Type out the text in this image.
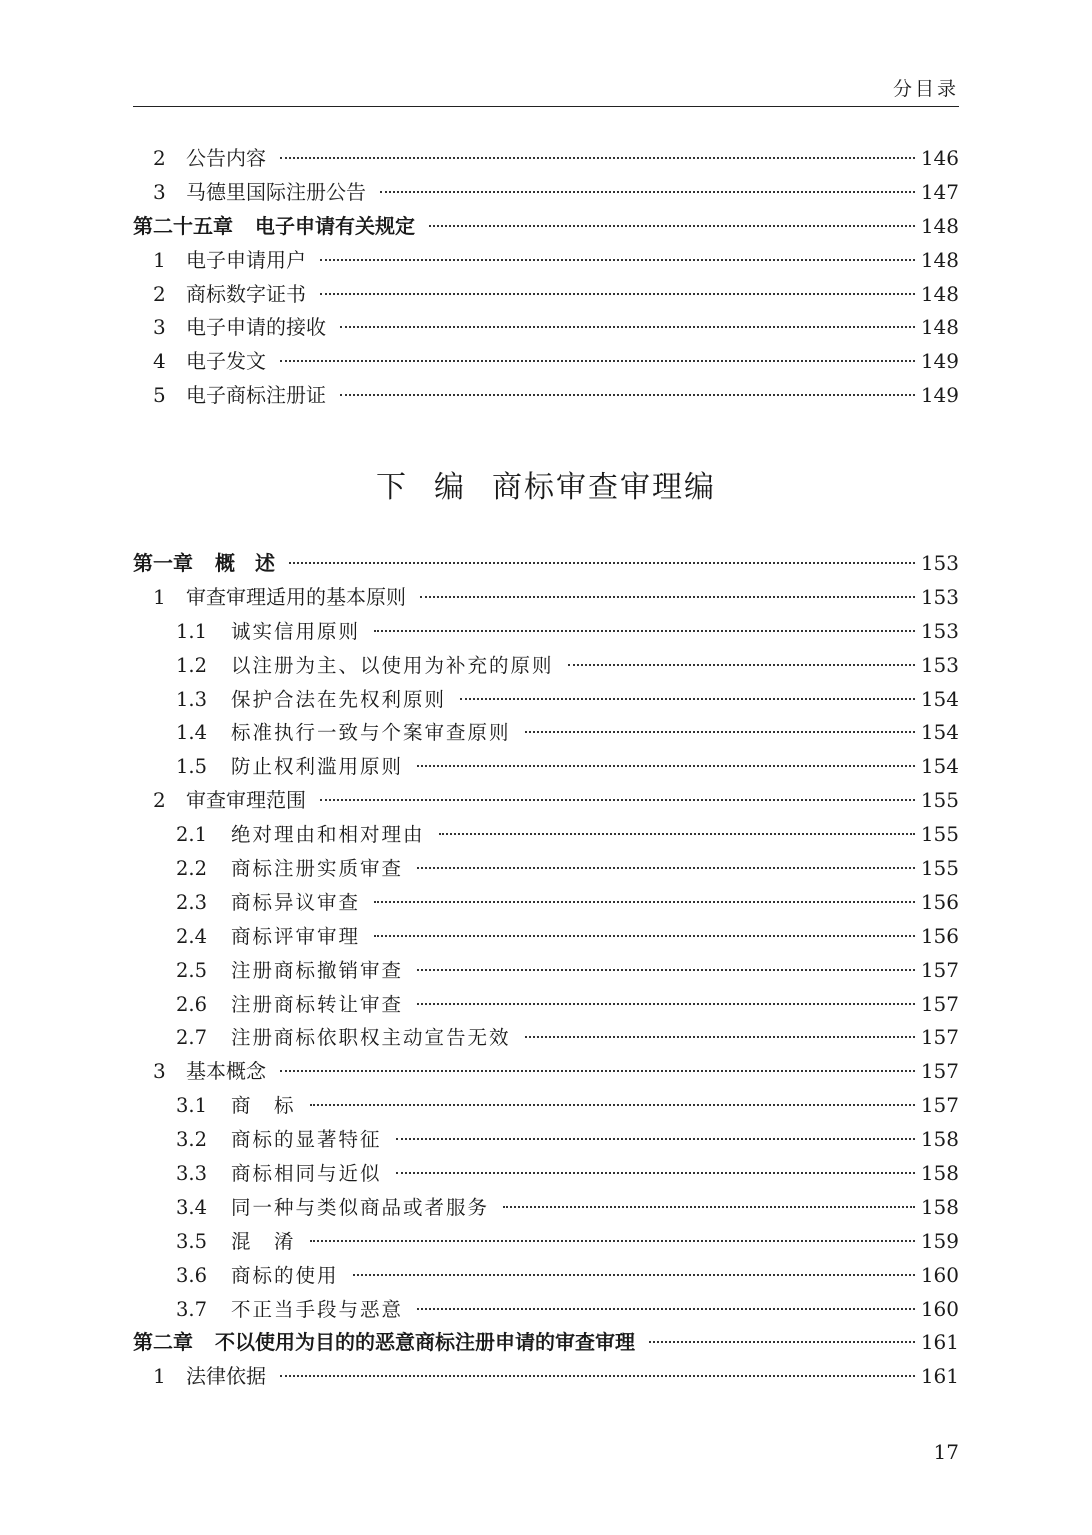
分目录
2	公告内容	146
3	马德里国际注册公告	147
第二十五章 电子申请有关规定	148
1	电子申请用户	148
2	商标数字证书	148
3	电子申请的接收	148
4	电子发文	149
5	电子商标注册证	149
下 编 商标审查审理编
第一章 概　述	153
1	审查审理适用的基本原则	153
1.1	诚实信用原则	153
1.2	以注册为主、以使用为补充的原则	153
1.3	保护合法在先权利原则	154
1.4	标准执行一致与个案审查原则	154
1.5	防止权利滥用原则	154
2	审查审理范围	155
2.1	绝对理由和相对理由	155
2.2	商标注册实质审查	155
2.3	商标异议审查	156
2.4	商标评审审理	156
2.5	注册商标撤销审查	157
2.6	注册商标转让审查	157
2.7	注册商标依职权主动宣告无效	157
3	基本概念	157
3.1	商　标	157
3.2	商标的显著特征	158
3.3	商标相同与近似	158
3.4	同一种与类似商品或者服务	158
3.5	混　淆	159
3.6	商标的使用	160
3.7	不正当手段与恶意	160
第二章 不以使用为目的的恶意商标注册申请的审查审理	161
1	法律依据	161
17
